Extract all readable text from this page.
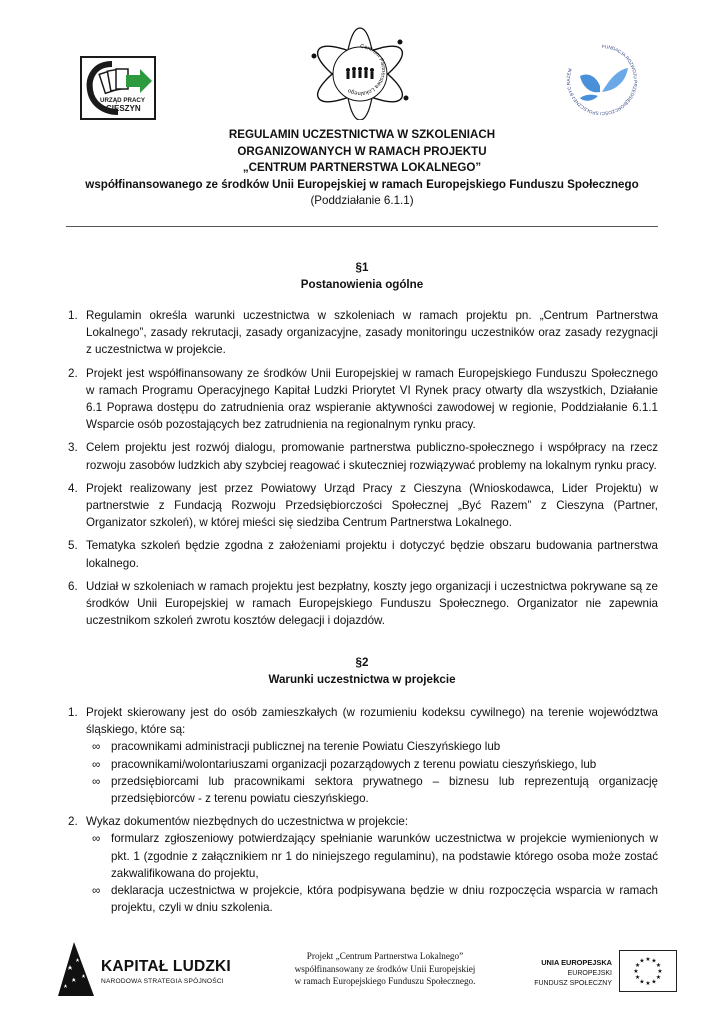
URZĄD PRACY
CIESZYN
Centrum Partnerstwa Lokalnego
FUNDACJA ROZWOJU PRZEDSIĘBIORCZOŚCI SPOŁECZNEJ BYĆ RAZEM
REGULAMIN UCZESTNICTWA W SZKOLENIACH
ORGANIZOWANYCH W RAMACH PROJEKTU
„CENTRUM PARTNERSTWA LOKALNEGO”
współfinansowanego ze środków Unii Europejskiej w ramach Europejskiego Funduszu Społecznego
(Poddziałanie 6.1.1)
§1
Postanowienia ogólne
1. Regulamin określa warunki uczestnictwa w szkoleniach w ramach projektu pn. „Centrum Partnerstwa Lokalnego”, zasady rekrutacji, zasady organizacyjne, zasady monitoringu uczestników oraz zasady rezygnacji z uczestnictwa w projekcie.
2. Projekt jest współfinansowany ze środków Unii Europejskiej w ramach Europejskiego Funduszu Społecznego w ramach Programu Operacyjnego Kapitał Ludzki Priorytet VI Rynek pracy otwarty dla wszystkich, Działanie 6.1 Poprawa dostępu do zatrudnienia oraz wspieranie aktywności zawodowej w regionie, Poddziałanie 6.1.1 Wsparcie osób pozostających bez zatrudnienia na regionalnym rynku pracy.
3. Celem projektu jest rozwój dialogu, promowanie partnerstwa publiczno-społecznego i współpracy na rzecz rozwoju zasobów ludzkich aby szybciej reagować i skuteczniej rozwiązywać problemy na lokalnym rynku pracy.
4. Projekt realizowany jest przez Powiatowy Urząd Pracy z Cieszyna (Wnioskodawca, Lider Projektu) w partnerstwie z Fundacją Rozwoju Przedsiębiorczości Społecznej „Być Razem” z Cieszyna (Partner, Organizator szkoleń), w której mieści się siedziba Centrum Partnerstwa Lokalnego.
5. Tematyka szkoleń będzie zgodna z założeniami projektu i dotyczyć będzie obszaru budowania partnerstwa lokalnego.
6. Udział w szkoleniach w ramach projektu jest bezpłatny, koszty jego organizacji i uczestnictwa pokrywane są ze środków Unii Europejskiej w ramach Europejskiego Funduszu Społecznego. Organizator nie zapewnia uczestnikom szkoleń zwrotu kosztów delegacji i dojazdów.
§2
Warunki uczestnictwa w projekcie
1. Projekt skierowany jest do osób zamieszkałych (w rozumieniu kodeksu cywilnego) na terenie województwa śląskiego, które są:
∞ pracownikami administracji publicznej na terenie Powiatu Cieszyńskiego lub
∞ pracownikami/wolontariuszami organizacji pozarządowych z terenu powiatu cieszyńskiego, lub
∞ przedsiębiorcami lub pracownikami sektora prywatnego – biznesu lub reprezentują organizację przedsiębiorców - z terenu powiatu cieszyńskiego.
2. Wykaz dokumentów niezbędnych do uczestnictwa w projekcie:
∞ formularz zgłoszeniowy potwierdzający spełnianie warunków uczestnictwa w projekcie wymienionych w pkt. 1 (zgodnie z załącznikiem nr 1 do niniejszego regulaminu), na podstawie którego osoba może zostać zakwalifikowana do projektu,
∞ deklaracja uczestnictwa w projekcie, która podpisywana będzie w dniu rozpoczęcia wsparcia w ramach projektu, czyli w dniu szkolenia.
KAPITAŁ LUDZKI
NARODOWA STRATEGIA SPÓJNOŚCI
Projekt „Centrum Partnerstwa Lokalnego”
współfinansowany ze środków Unii Europejskiej
w ramach Europejskiego Funduszu Społecznego.
UNIA EUROPEJSKA
EUROPEJSKI
FUNDUSZ SPOŁECZNY
★ ★
★
★
★
★
★
★
★
★
★
★
